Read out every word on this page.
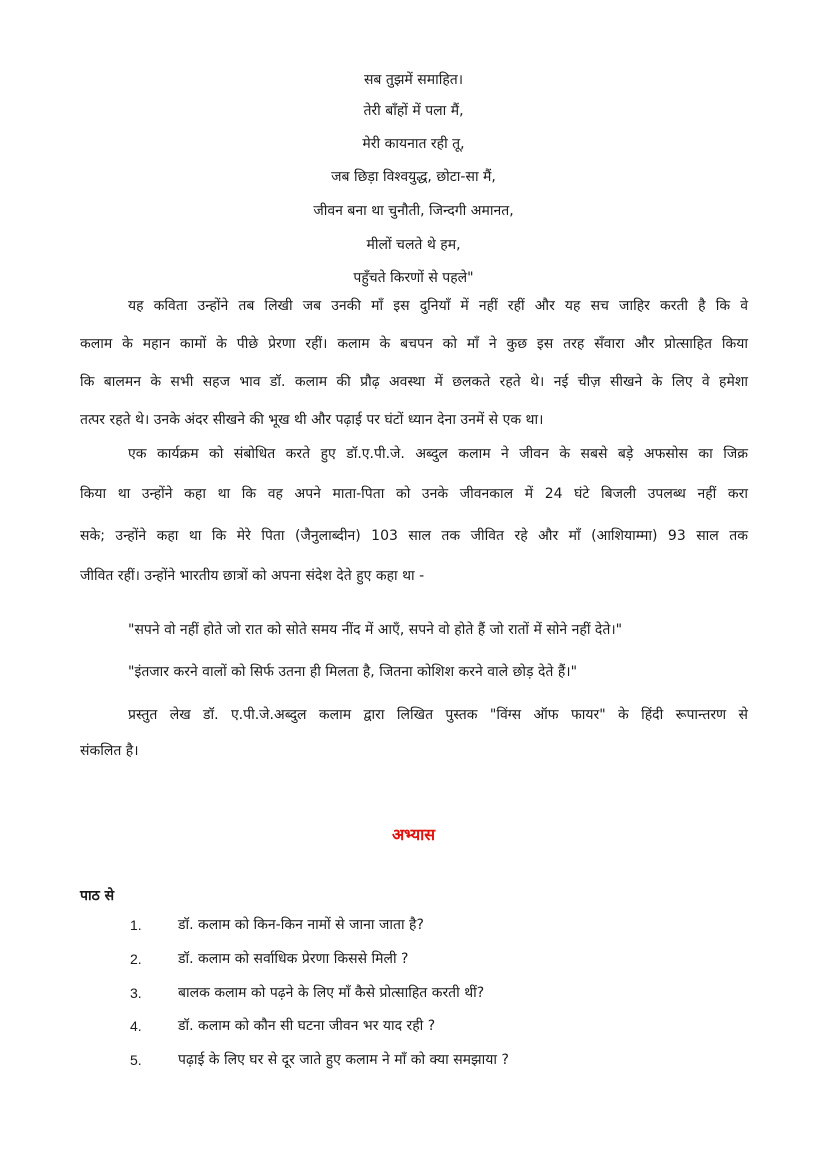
सब तुझमें समाहित।
तेरी बाँहों में पला मैं,
मेरी कायनात रही तू,
जब छिड़ा विश्वयुद्ध, छोटा-सा मैं,
जीवन बना था चुनौती, जिन्दगी अमानत,
मीलों चलते थे हम,
पहुँचते किरणों से पहले"
यह कविता उन्होंने तब लिखी जब उनकी माँ इस दुनियाँ में नहीं रहीं और यह सच जाहिर करती है कि वे
कलाम के महान कामों के पीछे प्रेरणा रहीं। कलाम के बचपन को माँ ने कुछ इस तरह सँवारा और प्रोत्साहित किया
कि बालमन के सभी सहज भाव डॉ. कलाम की प्रौढ़ अवस्था में छलकते रहते थे। नई चीज़ सीखने के लिए वे हमेशा
तत्पर रहते थे। उनके अंदर सीखने की भूख थी और पढ़ाई पर घंटों ध्यान देना उनमें से एक था।
एक कार्यक्रम को संबोधित करते हुए डॉ.ए.पी.जे. अब्दुल कलाम ने जीवन के सबसे बड़े अफसोस का जिक्र
किया था उन्होंने कहा था कि वह अपने माता-पिता को उनके जीवनकाल में 24 घंटे बिजली उपलब्ध नहीं करा
सके; उन्होंने कहा था कि मेरे पिता (जैनुलाब्दीन) 103 साल तक जीवित रहे और माँ (आशियाम्मा) 93 साल तक
जीवित रहीं। उन्होंने भारतीय छात्रों को अपना संदेश देते हुए कहा था -
"सपने वो नहीं होते जो रात को सोते समय नींद में आएँ, सपने वो होते हैं जो रातों में सोने नहीं देते।"
"इंतजार करने वालों को सिर्फ उतना ही मिलता है, जितना कोशिश करने वाले छोड़ देते हैं।"
प्रस्तुत लेख डॉ. ए.पी.जे.अब्दुल कलाम द्वारा लिखित पुस्तक "विंग्स ऑफ फायर" के हिंदी रूपान्तरण से
संकलित है।
अभ्यास
पाठ से
1.	डॉ. कलाम को किन-किन नामों से जाना जाता है?
2.	डॉ. कलाम को सर्वाधिक प्रेरणा किससे मिली ?
3.	बालक कलाम को पढ़ने के लिए माँ कैसे प्रोत्साहित करती थीं?
4.	डॉ. कलाम को कौन सी घटना जीवन भर याद रही ?
5.	पढ़ाई के लिए घर से दूर जाते हुए कलाम ने माँ को क्या समझाया ?
